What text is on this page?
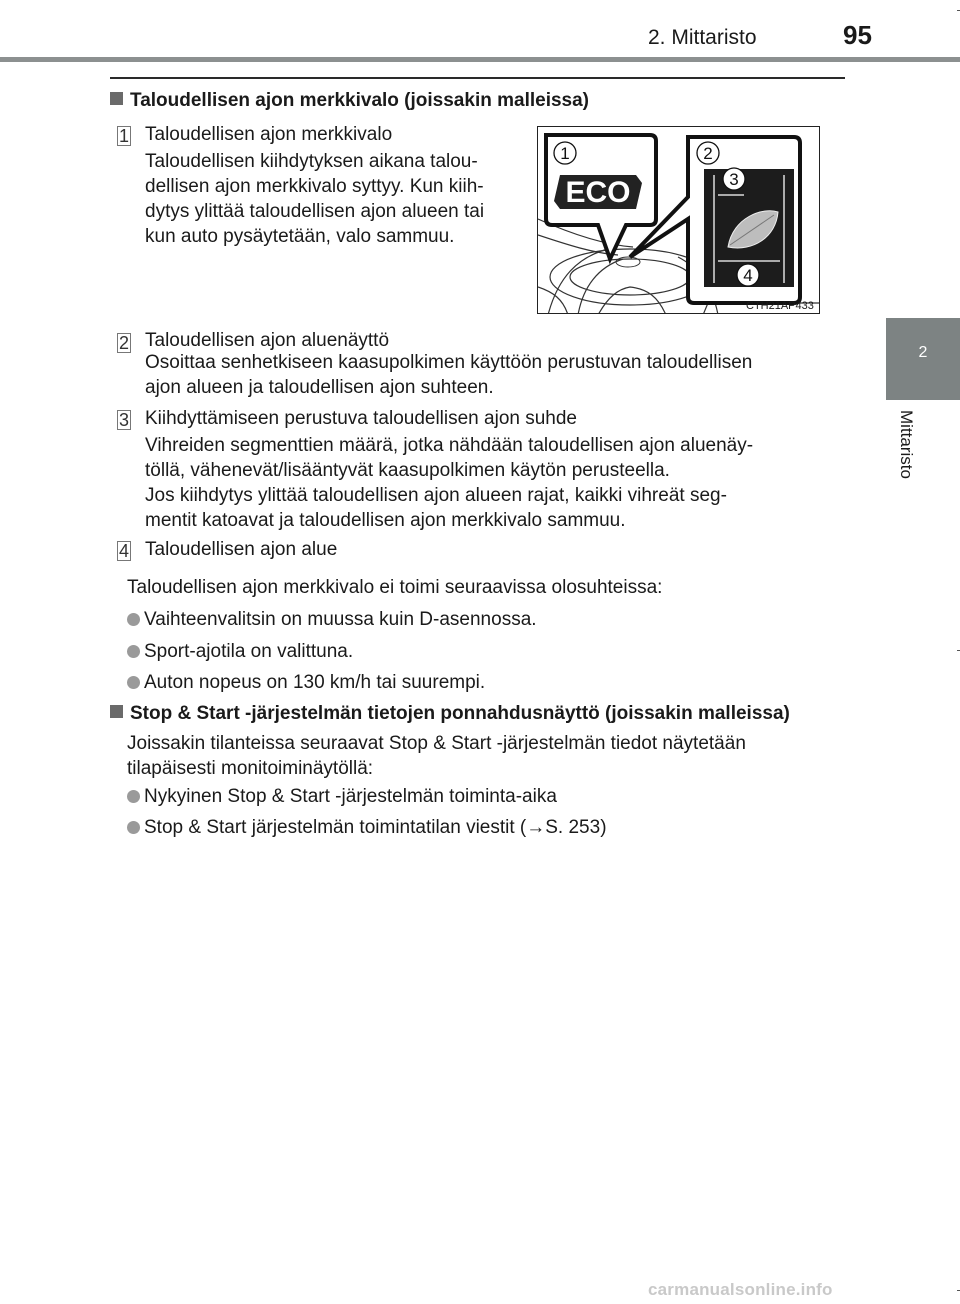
2. Mittaristo	95
2
Mittaristo
Taloudellisen ajon merkkivalo (joissakin malleissa)
1 Taloudellisen ajon merkkivalo
Taloudellisen kiihdytyksen aikana talou-
dellisen ajon merkkivalo syttyy. Kun kiih-
dytys ylittää taloudellisen ajon alueen tai
kun auto pysäytetään, valo sammuu.
1
ECO
2
3
4
CTH21AP433
2 Taloudellisen ajon aluenäyttö
Osoittaa senhetkiseen kaasupolkimen käyttöön perustuvan taloudellisen
ajon alueen ja taloudellisen ajon suhteen.
3 Kiihdyttämiseen perustuva taloudellisen ajon suhde
Vihreiden segmenttien määrä, jotka nähdään taloudellisen ajon aluenäy-
töllä, vähenevät/lisääntyvät kaasupolkimen käytön perusteella.
Jos kiihdytys ylittää taloudellisen ajon alueen rajat, kaikki vihreät seg-
mentit katoavat ja taloudellisen ajon merkkivalo sammuu.
4 Taloudellisen ajon alue
Taloudellisen ajon merkkivalo ei toimi seuraavissa olosuhteissa:
Vaihteenvalitsin on muussa kuin D-asennossa.
Sport-ajotila on valittuna.
Auton nopeus on 130 km/h tai suurempi.
Stop & Start -järjestelmän tietojen ponnahdusnäyttö (joissakin malleissa)
Joissakin tilanteissa seuraavat Stop & Start -järjestelmän tiedot näytetään
tilapäisesti monitoiminäytöllä:
Nykyinen Stop & Start -järjestelmän toiminta-aika
Stop & Start järjestelmän toimintatilan viestit (→S. 253)
carmanualsonline.info
